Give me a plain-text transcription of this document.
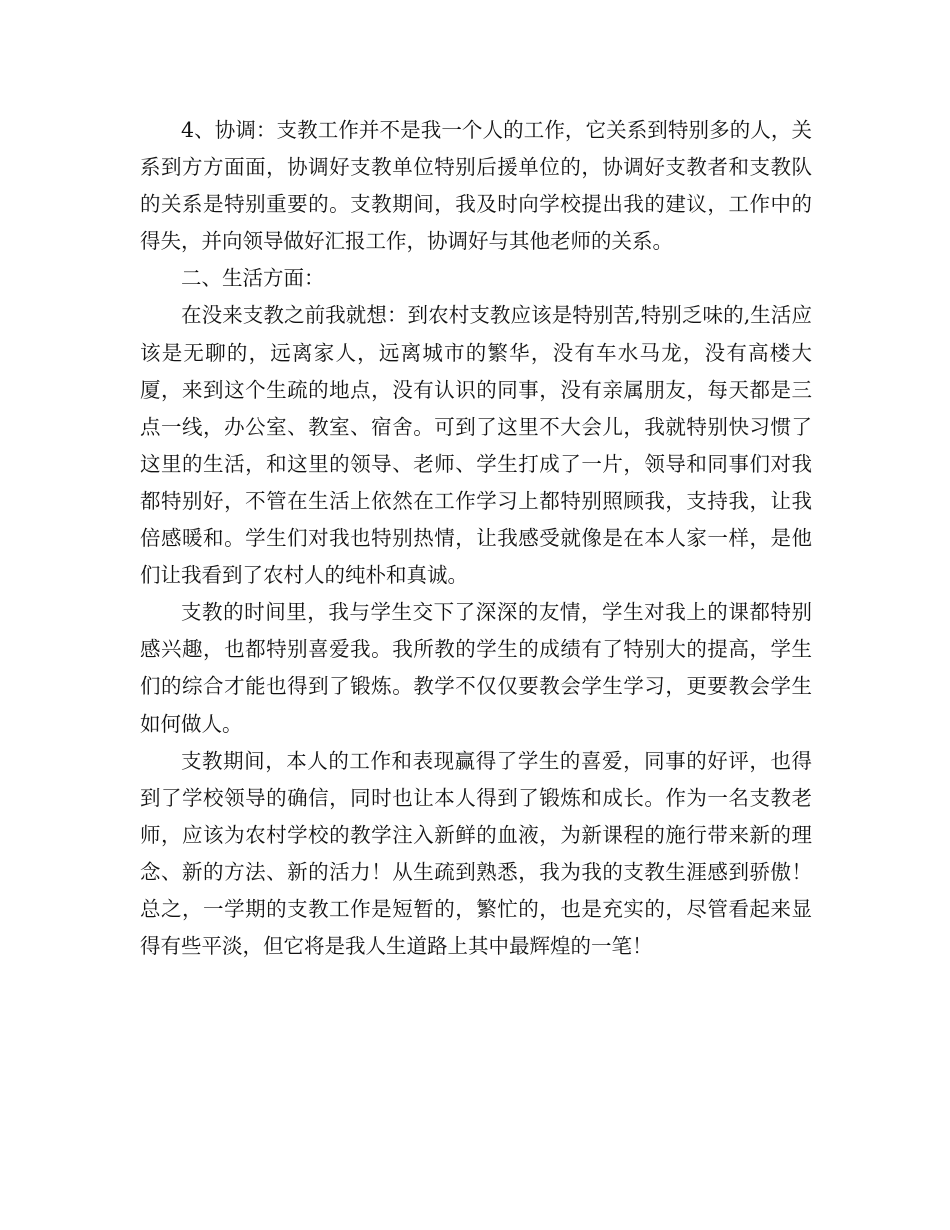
4、协调：支教工作并不是我一个人的工作，它关系到特别多的人，关系到方方面面，协调好支教单位特别后援单位的，协调好支教者和支教队的关系是特别重要的。支教期间，我及时向学校提出我的建议，工作中的得失，并向领导做好汇报工作，协调好与其他老师的关系。

二、生活方面：

在没来支教之前我就想：到农村支教应该是特别苦,特别乏味的,生活应该是无聊的，远离家人，远离城市的繁华，没有车水马龙，没有高楼大厦，来到这个生疏的地点，没有认识的同事，没有亲属朋友，每天都是三点一线，办公室、教室、宿舍。可到了这里不大会儿，我就特别快习惯了这里的生活，和这里的领导、老师、学生打成了一片，领导和同事们对我都特别好，不管在生活上依然在工作学习上都特别照顾我，支持我，让我倍感暖和。学生们对我也特别热情，让我感受就像是在本人家一样，是他们让我看到了农村人的纯朴和真诚。

支教的时间里，我与学生交下了深深的友情，学生对我上的课都特别感兴趣，也都特别喜爱我。我所教的学生的成绩有了特别大的提高，学生们的综合才能也得到了锻炼。教学不仅仅要教会学生学习，更要教会学生如何做人。

支教期间，本人的工作和表现赢得了学生的喜爱，同事的好评，也得到了学校领导的确信，同时也让本人得到了锻炼和成长。作为一名支教老师，应该为农村学校的教学注入新鲜的血液，为新课程的施行带来新的理念、新的方法、新的活力！从生疏到熟悉，我为我的支教生涯感到骄傲！总之，一学期的支教工作是短暂的，繁忙的，也是充实的，尽管看起来显得有些平淡，但它将是我人生道路上其中最辉煌的一笔！
